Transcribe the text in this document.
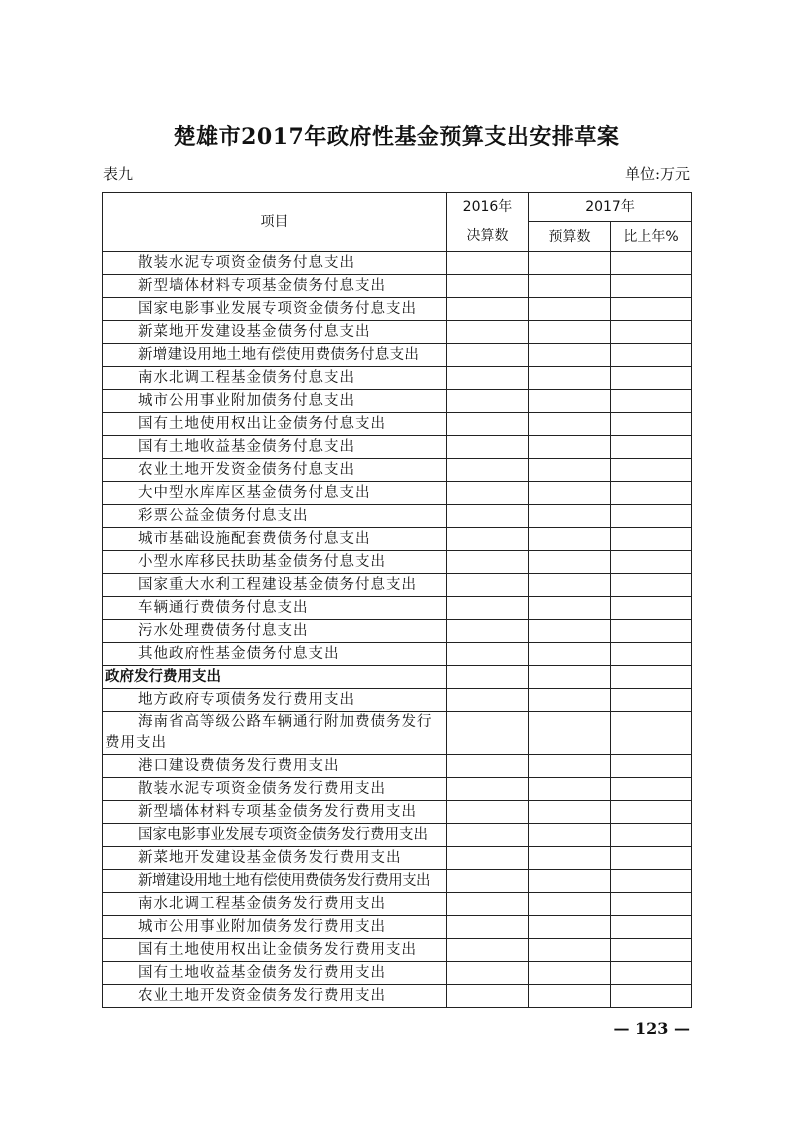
楚雄市2017年政府性基金预算支出安排草案
表九	单位:万元
项目	2016年	2017年	
	决算数	预算数	比上年%
散装水泥专项资金债务付息支出			
新型墙体材料专项基金债务付息支出			
国家电影事业发展专项资金债务付息支出			
新菜地开发建设基金债务付息支出			
新增建设用地土地有偿使用费债务付息支出			
南水北调工程基金债务付息支出			
城市公用事业附加债务付息支出			
国有土地使用权出让金债务付息支出			
国有土地收益基金债务付息支出			
农业土地开发资金债务付息支出			
大中型水库库区基金债务付息支出			
彩票公益金债务付息支出			
城市基础设施配套费债务付息支出			
小型水库移民扶助基金债务付息支出			
国家重大水利工程建设基金债务付息支出			
车辆通行费债务付息支出			
污水处理费债务付息支出			
其他政府性基金债务付息支出			
政府发行费用支出			
地方政府专项债务发行费用支出			
海南省高等级公路车辆通行附加费债务发行费用支出			
港口建设费债务发行费用支出			
散装水泥专项资金债务发行费用支出			
新型墙体材料专项基金债务发行费用支出			
国家电影事业发展专项资金债务发行费用支出			
新菜地开发建设基金债务发行费用支出			
新增建设用地土地有偿使用费债务发行费用支出			
南水北调工程基金债务发行费用支出			
城市公用事业附加债务发行费用支出			
国有土地使用权出让金债务发行费用支出			
国有土地收益基金债务发行费用支出			
农业土地开发资金债务发行费用支出			
— 123 —
